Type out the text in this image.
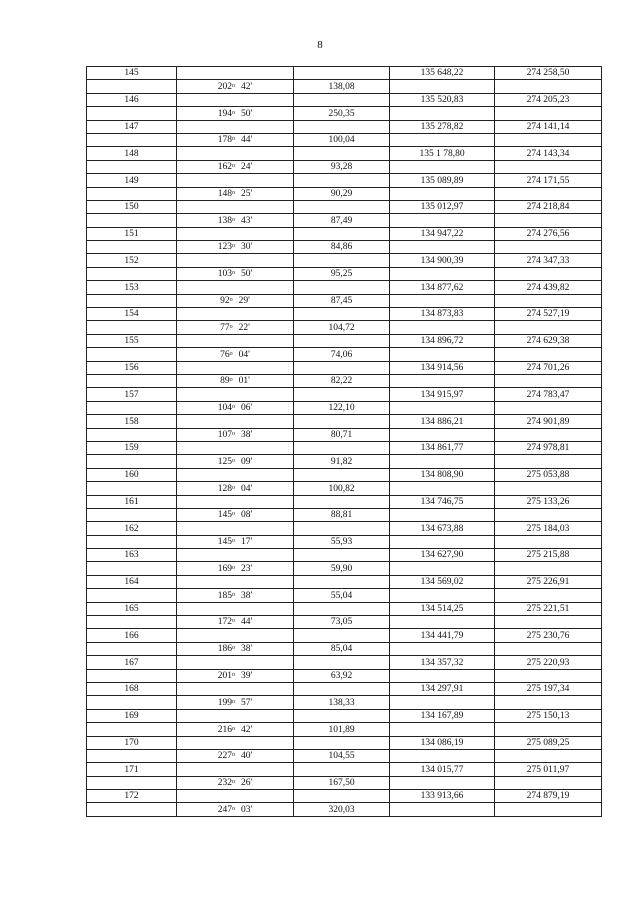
8
145			135 648,22	274 258,50
	202$^o$ 42'	138,08		
146			135 520,83	274 205,23
	194$^o$ 50'	250,35		
147			135 278,82	274 141,14
	178$^o$ 44'	100,04		
148			135 1 78,80	274 143,34
	162$^o$ 24'	93,28		
149			135 089,89	274 171,55
	148$^o$ 25'	90,29		
150			135 012,97	274 218,84
	138$^o$ 43'	87,49		
151			134 947,22	274 276,56
	123$^o$ 30'	84,86		
152			134 900,39	274 347,33
	103$^o$ 50'	95,25		
153			134 877,62	274 439,82
	92$^o$ 29'	87,45		
154			134 873,83	274 527,19
	77$^o$ 22'	104,72		
155			134 896,72	274 629,38
	76$^o$ 04'	74,06		
156			134 914,56	274 701,26
	89$^o$ 01'	82,22		
157			134 915,97	274 783,47
	104$^o$ 06'	122,10		
158			134 886,21	274 901,89
	107$^o$ 38'	80,71		
159			134 861,77	274 978,81
	125$^o$ 09'	91,82		
160			134 808,90	275 053,88
	128$^o$ 04'	100,82		
161			134 746,75	275 133,26
	145$^o$ 08'	88,81		
162			134 673,88	275 184,03
	145$^o$ 17'	55,93		
163			134 627,90	275 215,88
	169$^o$ 23'	59,90		
164			134 569,02	275 226,91
	185$^o$ 38'	55,04		
165			134 514,25	275 221,51
	172$^o$ 44'	73,05		
166			134 441,79	275 230,76
	186$^o$ 38'	85,04		
167			134 357,32	275 220,93
	201$^o$ 39'	63,92		
168			134 297,91	275 197,34
	199$^o$ 57'	138,33		
169			134 167,89	275 150,13
	216$^o$ 42'	101,89		
170			134 086,19	275 089,25
	227$^o$ 40'	104,55		
171			134 015,77	275 011,97
	232$^o$ 26'	167,50		
172			133 913,66	274 879,19
	247$^o$ 03'	320,03		
